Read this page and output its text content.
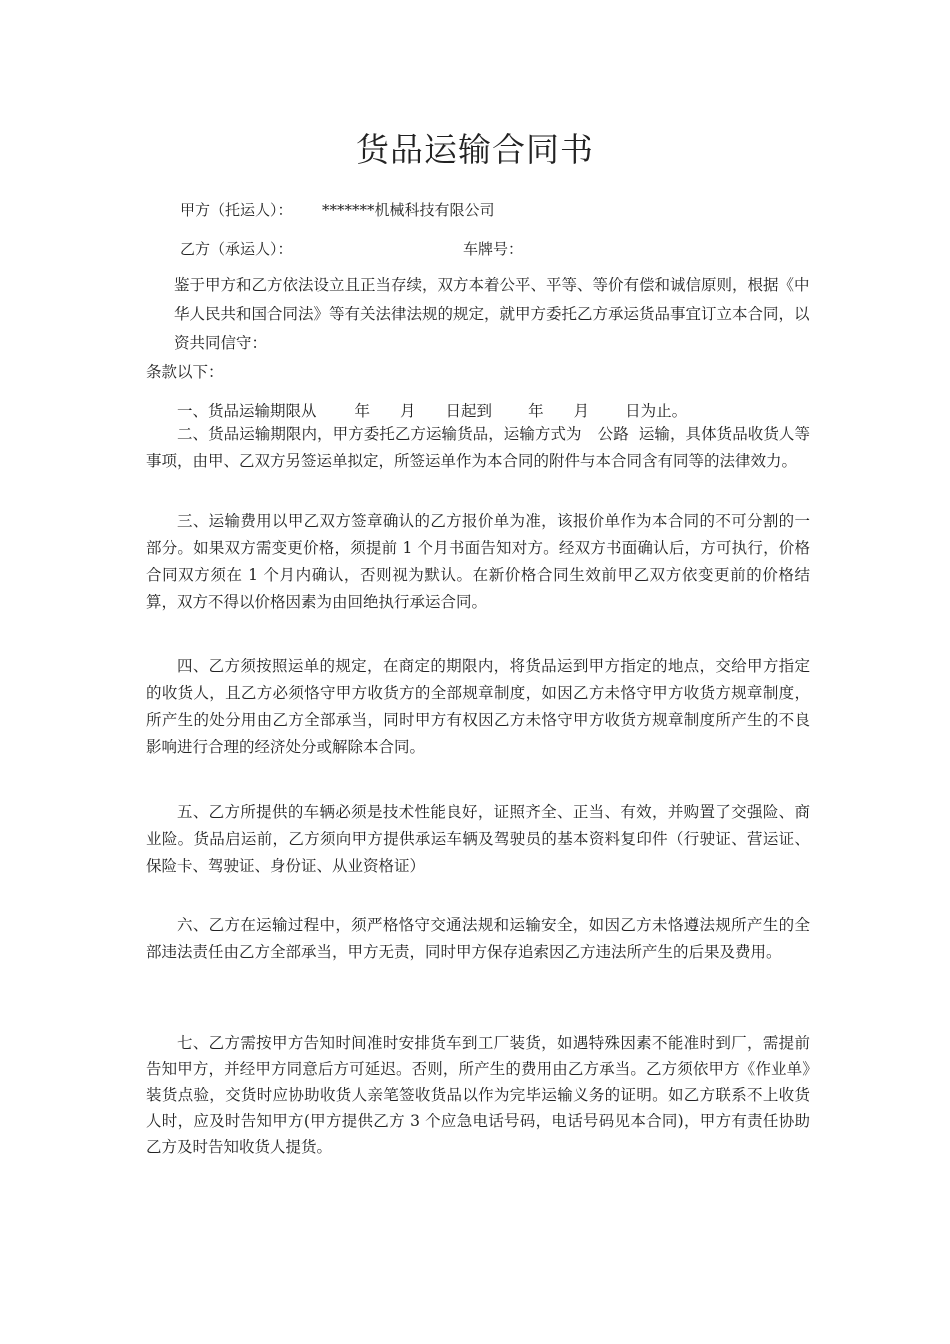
货品运输合同书
甲方（托运人）： *******机械科技有限公司
乙方（承运人）：	车牌号：
鉴于甲方和乙方依法设立且正当存续，双方本着公平、平等、等价有偿和诚信原则，根据《中华人民共和国合同法》等有关法律法规的规定，就甲方委托乙方承运货品事宜订立本合同，以资共同信守：
条款以下：
一、货品运输期限从 年 月 日起到 年 月 日为止。
二、货品运输期限内，甲方委托乙方运输货品，运输方式为 公路 运输，具体货品收货人等事项，由甲、乙双方另签运单拟定，所签运单作为本合同的附件与本合同含有同等的法律效力。
三、运输费用以甲乙双方签章确认的乙方报价单为准，该报价单作为本合同的不可分割的一部分。如果双方需变更价格，须提前 1 个月书面告知对方。经双方书面确认后，方可执行，价格合同双方须在 1 个月内确认，否则视为默认。在新价格合同生效前甲乙双方依变更前的价格结算，双方不得以价格因素为由回绝执行承运合同。
四、乙方须按照运单的规定，在商定的期限内，将货品运到甲方指定的地点，交给甲方指定的收货人，且乙方必须恪守甲方收货方的全部规章制度，如因乙方未恪守甲方收货方规章制度，所产生的处分用由乙方全部承当，同时甲方有权因乙方未恪守甲方收货方规章制度所产生的不良影响进行合理的经济处分或解除本合同。
五、乙方所提供的车辆必须是技术性能良好，证照齐全、正当、有效，并购置了交强险、商业险。货品启运前，乙方须向甲方提供承运车辆及驾驶员的基本资料复印件（行驶证、营运证、保险卡、驾驶证、身份证、从业资格证）
六、乙方在运输过程中，须严格恪守交通法规和运输安全，如因乙方未恪遵法规所产生的全部违法责任由乙方全部承当，甲方无责，同时甲方保存追索因乙方违法所产生的后果及费用。
七、乙方需按甲方告知时间准时安排货车到工厂装货，如遇特殊因素不能准时到厂，需提前告知甲方，并经甲方同意后方可延迟。否则，所产生的费用由乙方承当。乙方须依甲方《作业单》装货点验，交货时应协助收货人亲笔签收货品以作为完毕运输义务的证明。如乙方联系不上收货人时，应及时告知甲方(甲方提供乙方 3 个应急电话号码，电话号码见本合同)，甲方有责任协助乙方及时告知收货人提货。
